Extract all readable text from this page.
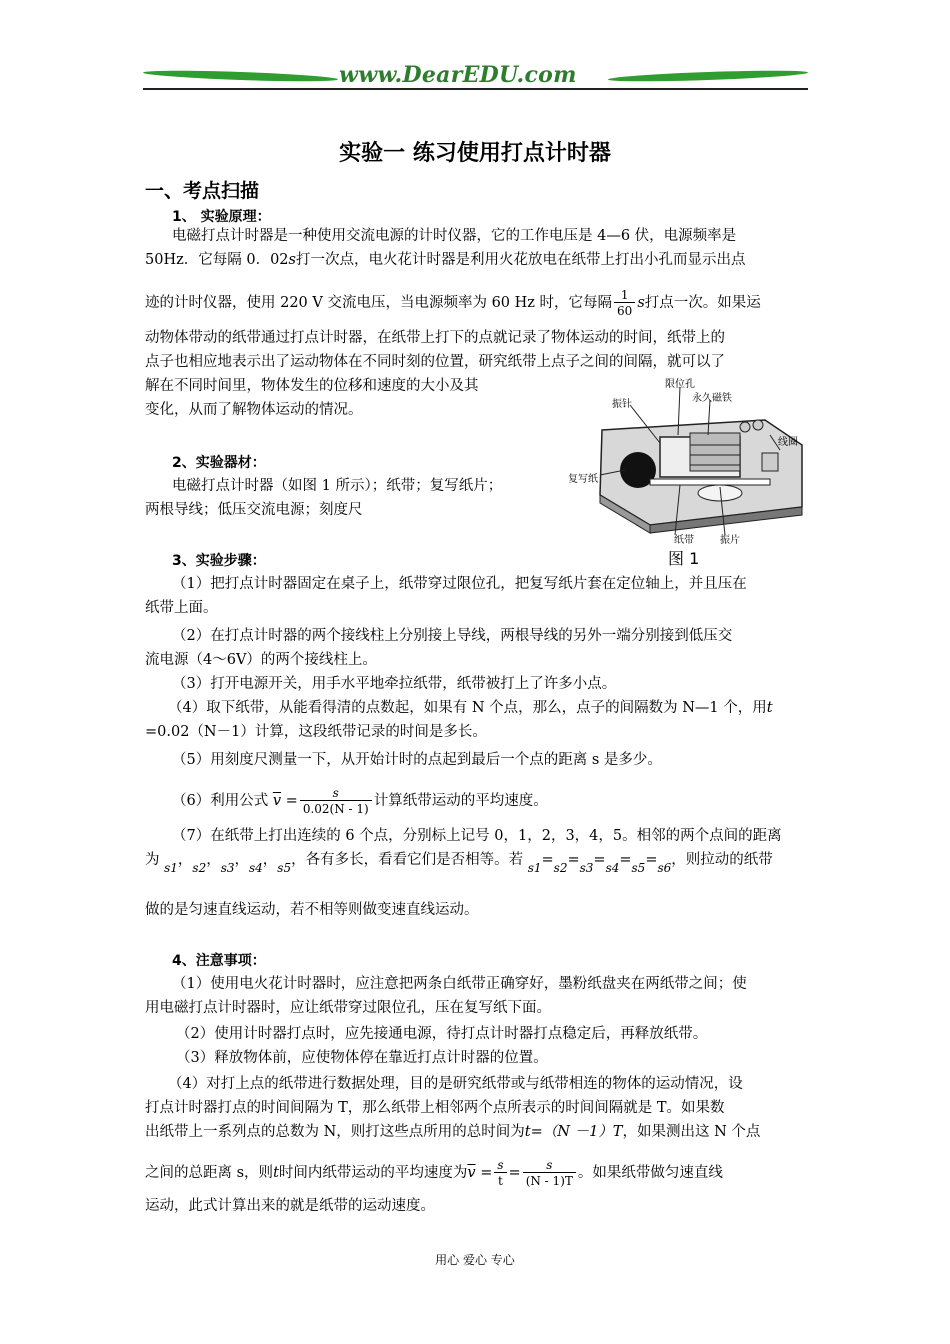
www.DearEDU.com
实验一 练习使用打点计时器
一、考点扫描
1、 实验原理：
电磁打点计时器是一种使用交流电源的计时仪器，它的工作电压是 4—6 伏，电源频率是
50Hz．它每隔 0．02s打一次点，电火花计时器是利用火花放电在纸带上打出小孔而显示出点
迹的计时仪器，使用 220 V 交流电压，当电源频率为 60 Hz 时，它每隔 $\frac{1}{60}$ s打点一次。如果运
动物体带动的纸带通过打点计时器，在纸带上打下的点就记录了物体运动的时间，纸带上的
点子也相应地表示出了运动物体在不同时刻的位置，研究纸带上点子之间的间隔，就可以了
解在不同时间里，物体发生的位移和速度的大小及其
变化，从而了解物体运动的情况。
2、实验器材：
电磁打点计时器（如图 1 所示）；纸带；复写纸片；
两根导线；低压交流电源；刻度尺
限位孔
振针
永久磁铁
线圈
复写纸
纸带	振片
图 1
3、实验步骤：
（1）把打点计时器固定在桌子上，纸带穿过限位孔，把复写纸片套在定位轴上，并且压在
纸带上面。
（2）在打点计时器的两个接线柱上分别接上导线，两根导线的另外一端分别接到低压交
流电源（4～6V）的两个接线柱上。
（3）打开电源开关，用手水平地牵拉纸带，纸带被打上了许多小点。
（4）取下纸带，从能看得清的点数起，如果有 N 个点，那么，点子的间隔数为 N—1 个，用t
=0.02（N－1）计算，这段纸带记录的时间是多长。
（5）用刻度尺测量一下，从开始计时的点起到最后一个点的距离 s 是多少。
（6）利用公式 $\overline{v} = \frac{s}{0.02(N - 1)}$ 计算纸带运动的平均速度。
（7）在纸带上打出连续的 6 个点，分别标上记号 0，1，2，3，4，5。相邻的两个点间的距离
为 s1，s2，s3，s4，s5，各有多长，看看它们是否相等。若 s1=s2=s3=s4=s5=s6，则拉动的纸带
做的是匀速直线运动，若不相等则做变速直线运动。
4、注意事项：
（1）使用电火花计时器时，应注意把两条白纸带正确穿好，墨粉纸盘夹在两纸带之间；使
用电磁打点计时器时，应让纸带穿过限位孔，压在复写纸下面。
（2）使用计时器打点时，应先接通电源，待打点计时器打点稳定后，再释放纸带。
（3）释放物体前，应使物体停在靠近打点计时器的位置。
（4）对打上点的纸带进行数据处理，目的是研究纸带或与纸带相连的物体的运动情况，设
打点计时器打点的时间间隔为 T，那么纸带上相邻两个点所表示的时间间隔就是 T。如果数
出纸带上一系列点的总数为 N，则打这些点所用的总时间为t=（N －1）T，如果测出这 N 个点
之间的总距离 s，则t时间内纸带运动的平均速度为$\overline{v} = \frac{s}{t} = \frac{s}{(N - 1)T}$ 。如果纸带做匀速直线
运动，此式计算出来的就是纸带的运动速度。
用心 爱心 专心
